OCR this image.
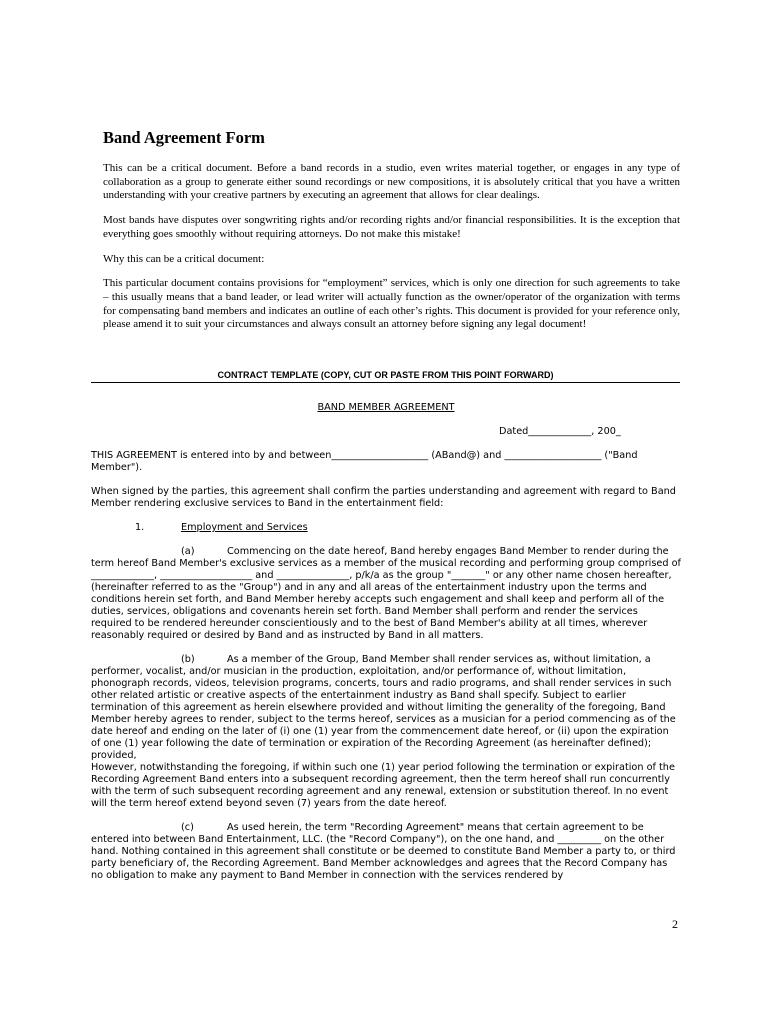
Band Agreement Form

This can be a critical document. Before a band records in a studio, even writes material together, or engages in any type of collaboration as a group to generate either sound recordings or new compositions, it is absolutely critical that you have a written understanding with your creative partners by executing an agreement that allows for clear dealings.

Most bands have disputes over songwriting rights and/or recording rights and/or financial responsibilities. It is the exception that everything goes smoothly without requiring attorneys. Do not make this mistake!

Why this can be a critical document:

This particular document contains provisions for “employment” services, which is only one direction for such agreements to take – this usually means that a band leader, or lead writer will actually function as the owner/operator of the organization with terms for compensating band members and indicates an outline of each other’s rights. This document is provided for your reference only, please amend it to suit your circumstances and always consult an attorney before signing any legal document!

CONTRACT TEMPLATE (COPY, CUT OR PASTE FROM THIS POINT FORWARD)

BAND MEMBER AGREEMENT

Dated_____________, 200_

THIS AGREEMENT is entered into by and between____________________ (ABand@) and ____________________ ("Band Member").

When signed by the parties, this agreement shall confirm the parties understanding and agreement with regard to Band Member rendering exclusive services to Band in the entertainment field:

1.	Employment and Services

(a)	Commencing on the date hereof, Band hereby engages Band Member to render during the term hereof Band Member's exclusive services as a member of the musical recording and performing group comprised of _____________, ___________________ and _______________, p/k/a as the group "_______" or any other name chosen hereafter, (hereinafter referred to as the "Group") and in any and all areas of the entertainment industry upon the terms and conditions herein set forth, and Band Member hereby accepts such engagement and shall keep and perform all of the duties, services, obligations and covenants herein set forth. Band Member shall perform and render the services required to be rendered hereunder conscientiously and to the best of Band Member's ability at all times, wherever reasonably required or desired by Band and as instructed by Band in all matters.

(b)	As a member of the Group, Band Member shall render services as, without limitation, a performer, vocalist, and/or musician in the production, exploitation, and/or performance of, without limitation, phonograph records, videos, television programs, concerts, tours and radio programs, and shall render services in such other related artistic or creative aspects of the entertainment industry as Band shall specify. Subject to earlier termination of this agreement as herein elsewhere provided and without limiting the generality of the foregoing, Band Member hereby agrees to render, subject to the terms hereof, services as a musician for a period commencing as of the date hereof and ending on the later of (i) one (1) year from the commencement date hereof, or (ii) upon the expiration of one (1) year following the date of termination or expiration of the Recording Agreement (as hereinafter defined); provided,

However, notwithstanding the foregoing, if within such one (1) year period following the termination or expiration of the Recording Agreement Band enters into a subsequent recording agreement, then the term hereof shall run concurrently with the term of such subsequent recording agreement and any renewal, extension or substitution thereof. In no event will the term hereof extend beyond seven (7) years from the date hereof.

(c)	As used herein, the term "Recording Agreement" means that certain agreement to be entered into between Band Entertainment, LLC. (the "Record Company"), on the one hand, and _________ on the other hand. Nothing contained in this agreement shall constitute or be deemed to constitute Band Member a party to, or third party beneficiary of, the Recording Agreement. Band Member acknowledges and agrees that the Record Company has no obligation to make any payment to Band Member in connection with the services rendered by

2
